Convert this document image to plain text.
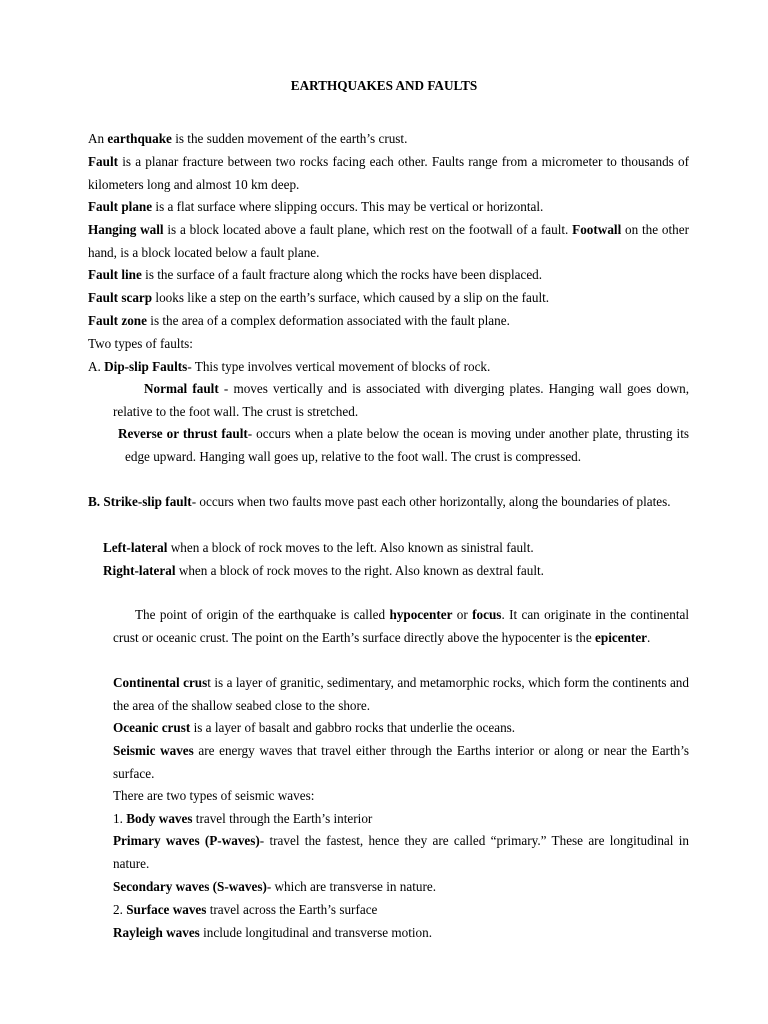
EARTHQUAKES AND FAULTS

An earthquake is the sudden movement of the earth’s crust.

Fault is a planar fracture between two rocks facing each other. Faults range from a micrometer to thousands of kilometers long and almost 10 km deep.

Fault plane is a flat surface where slipping occurs. This may be vertical or horizontal.

Hanging wall is a block located above a fault plane, which rest on the footwall of a fault. Footwall on the other hand, is a block located below a fault plane.

Fault line is the surface of a fault fracture along which the rocks have been displaced.

Fault scarp looks like a step on the earth’s surface, which caused by a slip on the fault.

Fault zone is the area of a complex deformation associated with the fault plane.

Two types of faults:

A. Dip-slip Faults- This type involves vertical movement of blocks of rock.

Normal fault - moves vertically and is associated with diverging plates. Hanging wall goes down, relative to the foot wall. The crust is stretched.

Reverse or thrust fault- occurs when a plate below the ocean is moving under another plate, thrusting its edge upward. Hanging wall goes up, relative to the foot wall. The crust is compressed.

B. Strike-slip fault- occurs when two faults move past each other horizontally, along the boundaries of plates.

Left-lateral when a block of rock moves to the left. Also known as sinistral fault.

Right-lateral when a block of rock moves to the right. Also known as dextral fault.

The point of origin of the earthquake is called hypocenter or focus. It can originate in the continental crust or oceanic crust. The point on the Earth’s surface directly above the hypocenter is the epicenter.

Continental crust is a layer of granitic, sedimentary, and metamorphic rocks, which form the continents and the area of the shallow seabed close to the shore.

Oceanic crust is a layer of basalt and gabbro rocks that underlie the oceans.

Seismic waves are energy waves that travel either through the Earths interior or along or near the Earth’s surface.

There are two types of seismic waves:

1. Body waves travel through the Earth’s interior

Primary waves (P-waves)- travel the fastest, hence they are called “primary.” These are longitudinal in nature.

Secondary waves (S-waves)- which are transverse in nature.

2. Surface waves travel across the Earth’s surface

Rayleigh waves include longitudinal and transverse motion.
